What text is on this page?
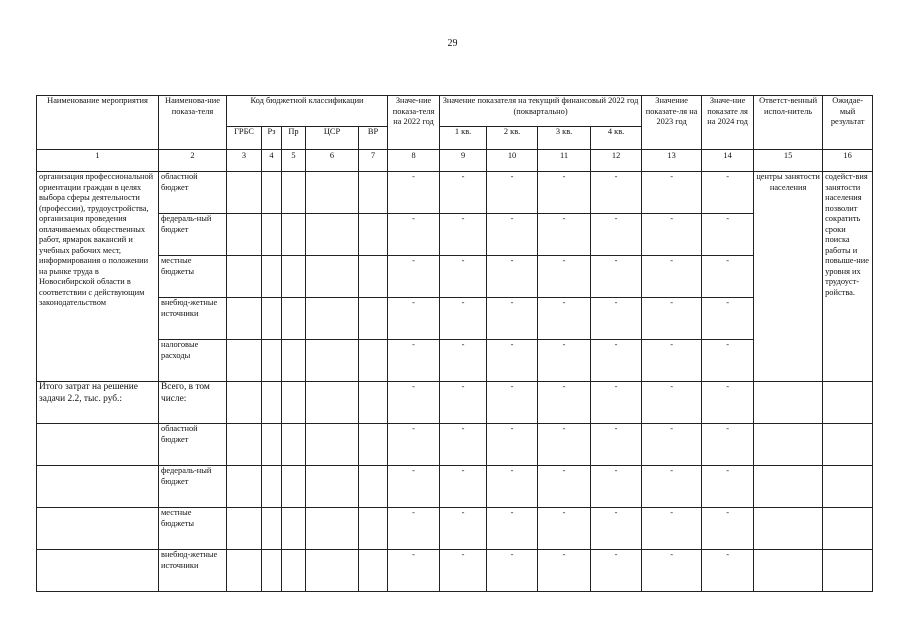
29
Наименование мероприятия	Наименова-ние показа-теля	Код бюджетной классификации					Значе-ние показа-теля на 2022 год	Значение показателя на текущий финансовый 2022 год (поквартально)				Значение показате-ля на 2023 год	Значе-ние показате ля на 2024 год	Ответст-венный испол-нитель	Ожидае-мый результат
		ГРБС	Рз	Пр	ЦСР	ВР		1 кв.	2 кв.	3 кв.	4 кв.				
1	2	3	4	5	6	7	8	9	10	11	12	13	14	15	16
организация профессиональной ориентации граждан в целях выбора сферы деятельности (профессии), трудоустройства, организация проведения оплачиваемых общественных работ, ярмарок вакансий и учебных рабочих мест, информирования о положении на рынке труда в Новосибирской области в соответствии с действующим законодательством	областной бюджет						-	-	-	-	-	-	-	центры занятости населения	содейст-вия занятости населения позволит сократить сроки поиска работы и повыше-ние уровня их трудоуст-ройства.
	федераль-ный бюджет						-	-	-	-	-	-	-		
	местные бюджеты						-	-	-	-	-	-	-		
	внебюд-жетные источники						-	-	-	-	-	-	-		
	налоговые расходы						-	-	-	-	-	-	-		
Итого затрат на решение задачи 2.2, тыс. руб.:	Всего, в том числе:						-	-	-	-	-	-	-		
	областной бюджет						-	-	-	-	-	-	-		
	федераль-ный бюджет						-	-	-	-	-	-	-		
	местные бюджеты						-	-	-	-	-	-	-		
	внебюд-жетные источники						-	-	-	-	-	-	-		
